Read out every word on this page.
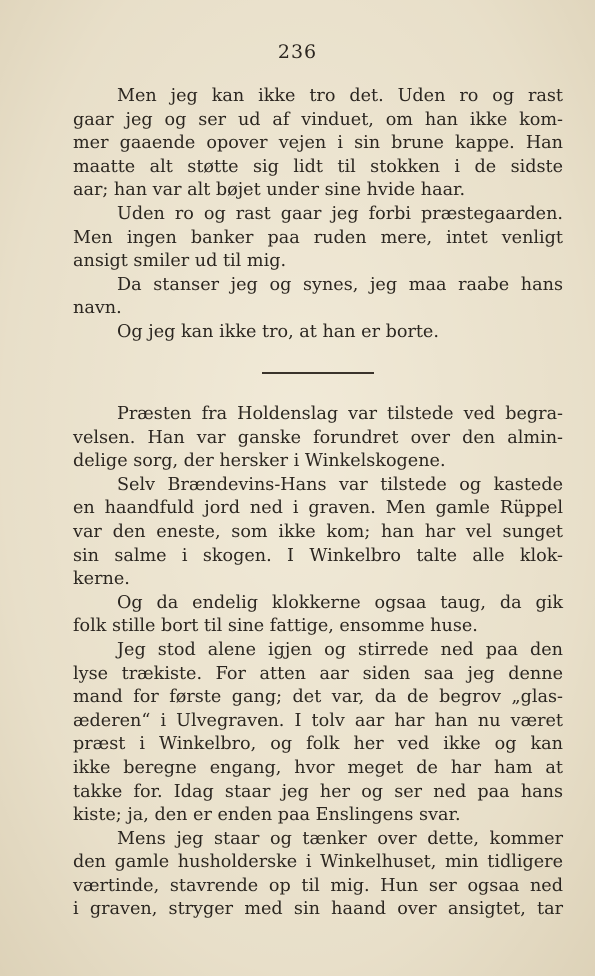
236
Men jeg kan ikke tro det. Uden ro og rast
gaar jeg og ser ud af vinduet, om han ikke kom-
mer gaaende opover vejen i sin brune kappe. Han
maatte alt støtte sig lidt til stokken i de sidste
aar; han var alt bøjet under sine hvide haar.
Uden ro og rast gaar jeg forbi præstegaarden.
Men ingen banker paa ruden mere, intet venligt
ansigt smiler ud til mig.
Da stanser jeg og synes, jeg maa raabe hans
navn.
Og jeg kan ikke tro, at han er borte.
Præsten fra Holdenslag var tilstede ved begra-
velsen. Han var ganske forundret over den almin-
delige sorg, der hersker i Winkelskogene.
Selv Brændevins-Hans var tilstede og kastede
en haandfuld jord ned i graven. Men gamle Rüppel
var den eneste, som ikke kom; han har vel sunget
sin salme i skogen. I Winkelbro talte alle klok-
kerne.
Og da endelig klokkerne ogsaa taug, da gik
folk stille bort til sine fattige, ensomme huse.
Jeg stod alene igjen og stirrede ned paa den
lyse trækiste. For atten aar siden saa jeg denne
mand for første gang; det var, da de begrov „glas-
æderen“ i Ulvegraven. I tolv aar har han nu været
præst i Winkelbro, og folk her ved ikke og kan
ikke beregne engang, hvor meget de har ham at
takke for. Idag staar jeg her og ser ned paa hans
kiste; ja, den er enden paa Enslingens svar.
Mens jeg staar og tænker over dette, kommer
den gamle husholderske i Winkelhuset, min tidligere
værtinde, stavrende op til mig. Hun ser ogsaa ned
i graven, stryger med sin haand over ansigtet, tar
